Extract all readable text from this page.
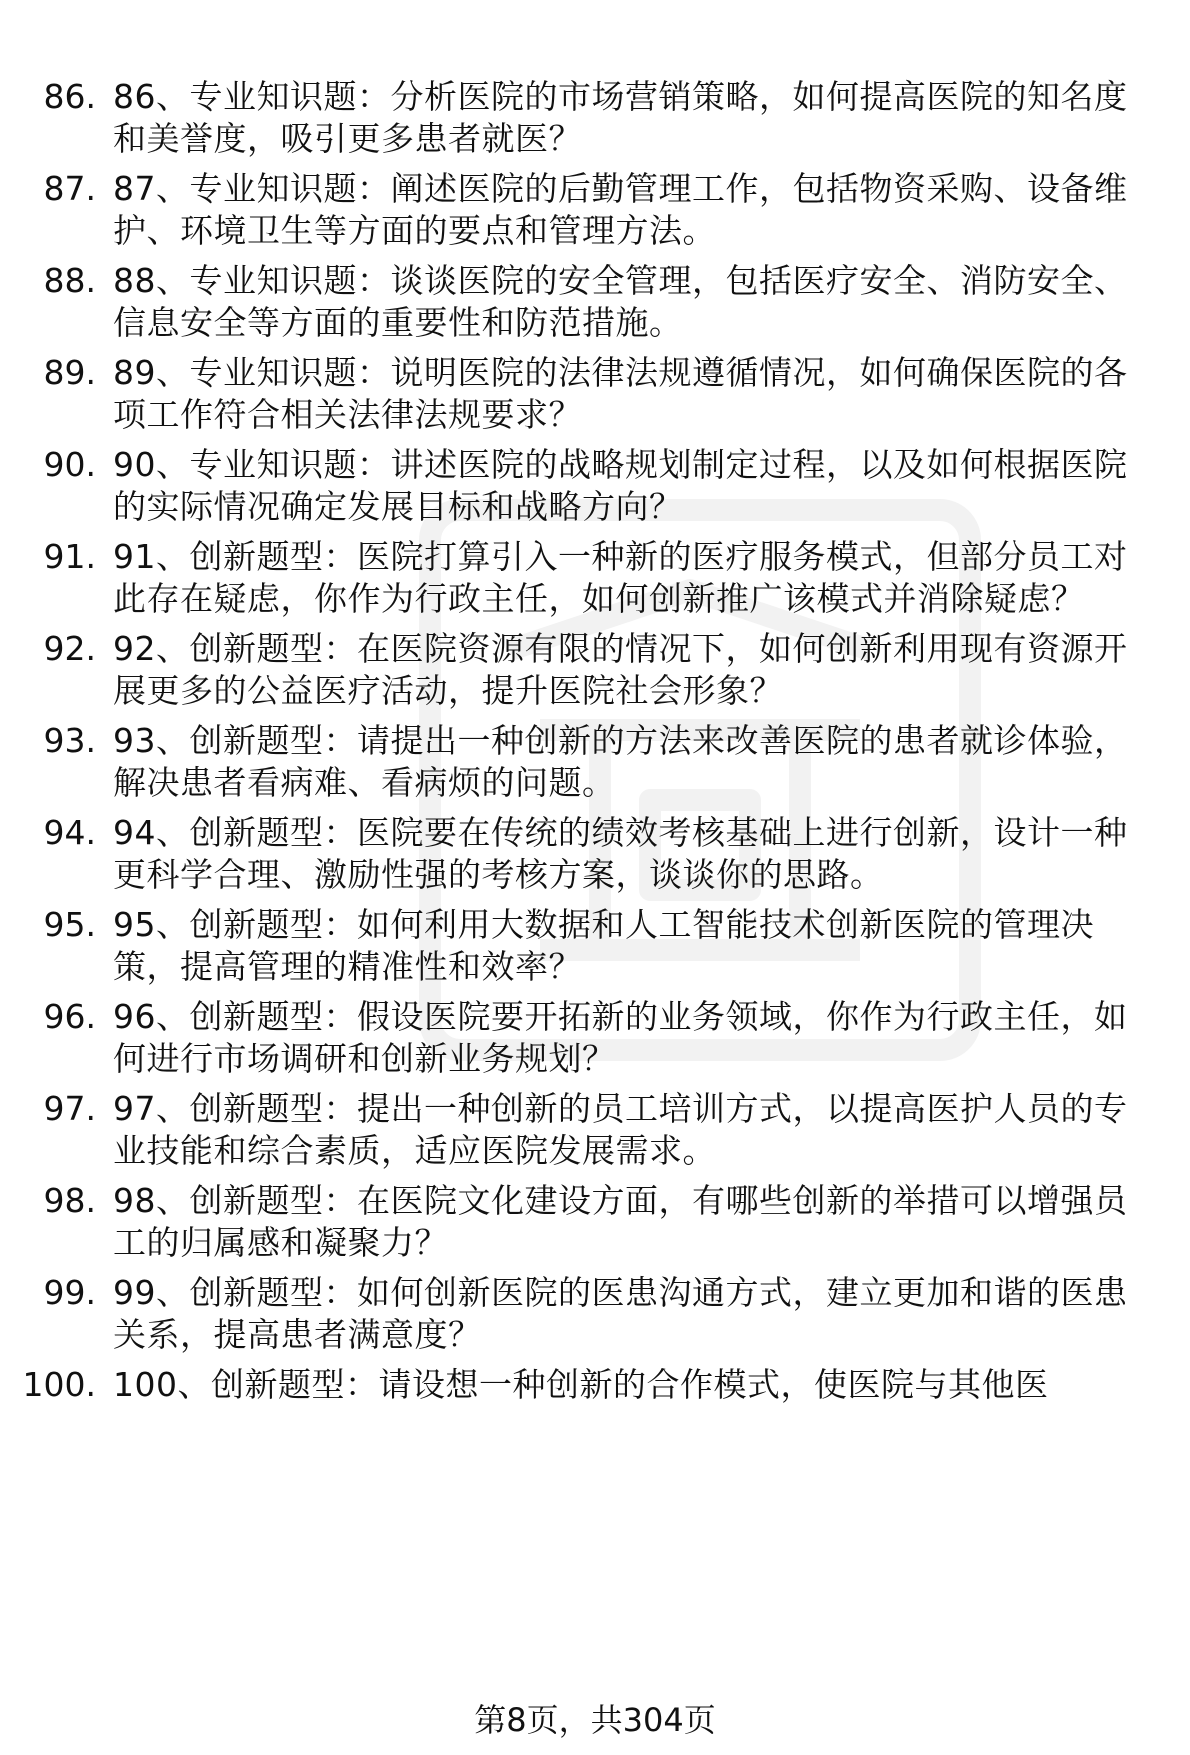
86. 86、专业知识题：分析医院的市场营销策略，如何提高医院的知名度和美誉度，吸引更多患者就医？
87. 87、专业知识题：阐述医院的后勤管理工作，包括物资采购、设备维护、环境卫生等方面的要点和管理方法。
88. 88、专业知识题：谈谈医院的安全管理，包括医疗安全、消防安全、信息安全等方面的重要性和防范措施。
89. 89、专业知识题：说明医院的法律法规遵循情况，如何确保医院的各项工作符合相关法律法规要求？
90. 90、专业知识题：讲述医院的战略规划制定过程，以及如何根据医院的实际情况确定发展目标和战略方向？
91. 91、创新题型：医院打算引入一种新的医疗服务模式，但部分员工对此存在疑虑，你作为行政主任，如何创新推广该模式并消除疑虑？
92. 92、创新题型：在医院资源有限的情况下，如何创新利用现有资源开展更多的公益医疗活动，提升医院社会形象？
93. 93、创新题型：请提出一种创新的方法来改善医院的患者就诊体验，解决患者看病难、看病烦的问题。
94. 94、创新题型：医院要在传统的绩效考核基础上进行创新，设计一种更科学合理、激励性强的考核方案，谈谈你的思路。
95. 95、创新题型：如何利用大数据和人工智能技术创新医院的管理决策，提高管理的精准性和效率？
96. 96、创新题型：假设医院要开拓新的业务领域，你作为行政主任，如何进行市场调研和创新业务规划？
97. 97、创新题型：提出一种创新的员工培训方式，以提高医护人员的专业技能和综合素质，适应医院发展需求。
98. 98、创新题型：在医院文化建设方面，有哪些创新的举措可以增强员工的归属感和凝聚力？
99. 99、创新题型：如何创新医院的医患沟通方式，建立更加和谐的医患关系，提高患者满意度？
100. 100、创新题型：请设想一种创新的合作模式，使医院与其他医
第8页，共304页
